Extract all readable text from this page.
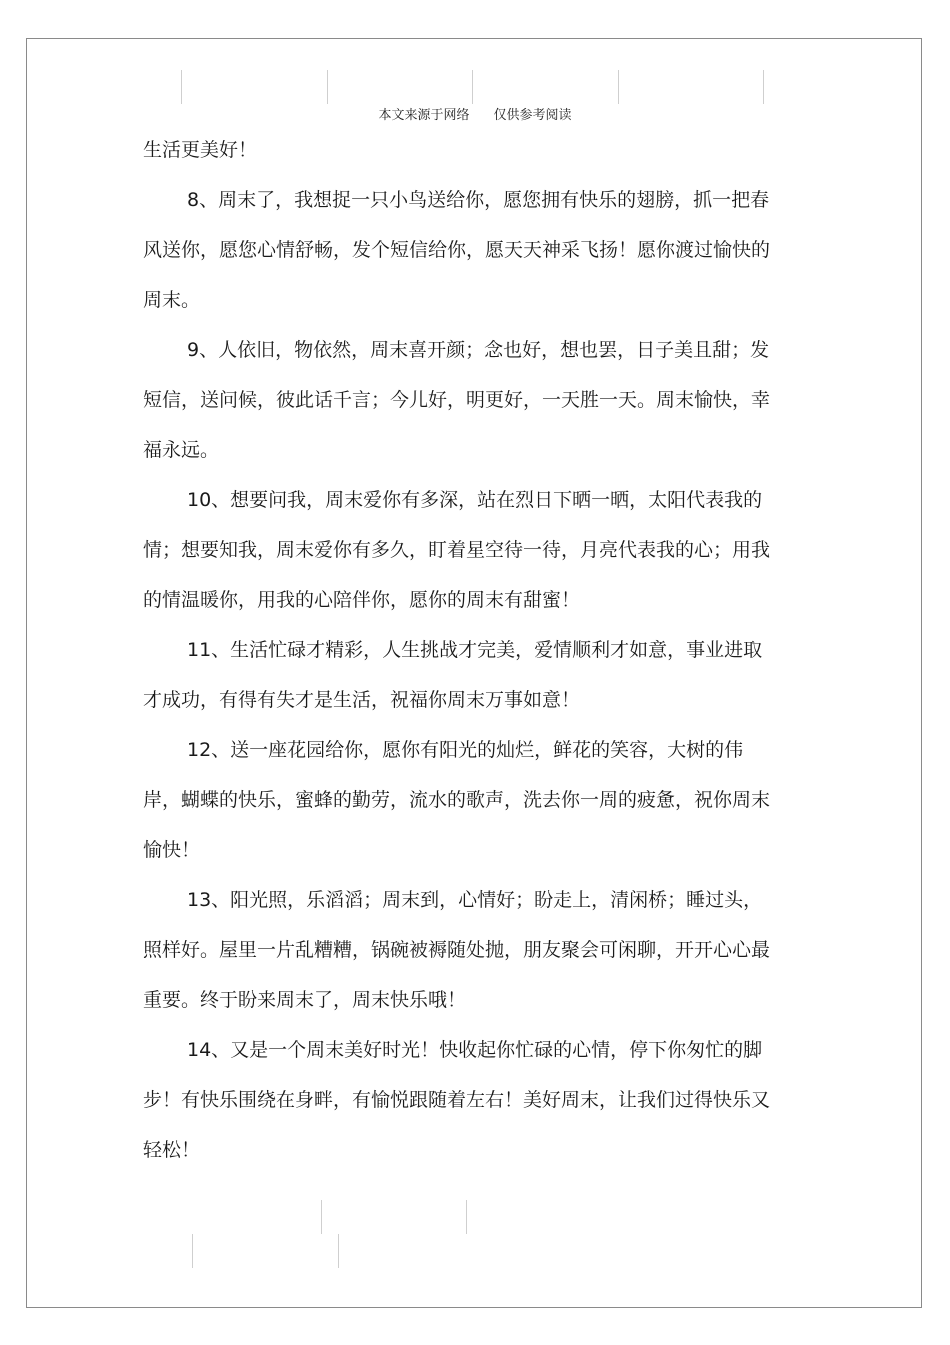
本文来源于网络 仅供参考阅读

生活更美好！

8、周末了，我想捉一只小鸟送给你，愿您拥有快乐的翅膀，抓一把春风送你，愿您心情舒畅，发个短信给你，愿天天神采飞扬！愿你渡过愉快的周末。

9、人依旧，物依然，周末喜开颜；念也好，想也罢，日子美且甜；发短信，送问候，彼此话千言；今儿好，明更好，一天胜一天。周末愉快，幸福永远。

10、想要问我，周末爱你有多深，站在烈日下晒一晒，太阳代表我的情；想要知我，周末爱你有多久，盯着星空待一待，月亮代表我的心；用我的情温暖你，用我的心陪伴你，愿你的周末有甜蜜！

11、生活忙碌才精彩，人生挑战才完美，爱情顺利才如意，事业进取才成功，有得有失才是生活，祝福你周末万事如意！

12、送一座花园给你，愿你有阳光的灿烂，鲜花的笑容，大树的伟岸，蝴蝶的快乐，蜜蜂的勤劳，流水的歌声，洗去你一周的疲惫，祝你周末愉快！

13、阳光照，乐滔滔；周末到，心情好；盼走上，清闲桥；睡过头，照样好。屋里一片乱糟糟，锅碗被褥随处抛，朋友聚会可闲聊，开开心心最重要。终于盼来周末了，周末快乐哦！

14、又是一个周末美好时光！快收起你忙碌的心情，停下你匆忙的脚步！有快乐围绕在身畔，有愉悦跟随着左右！美好周末，让我们过得快乐又轻松！
